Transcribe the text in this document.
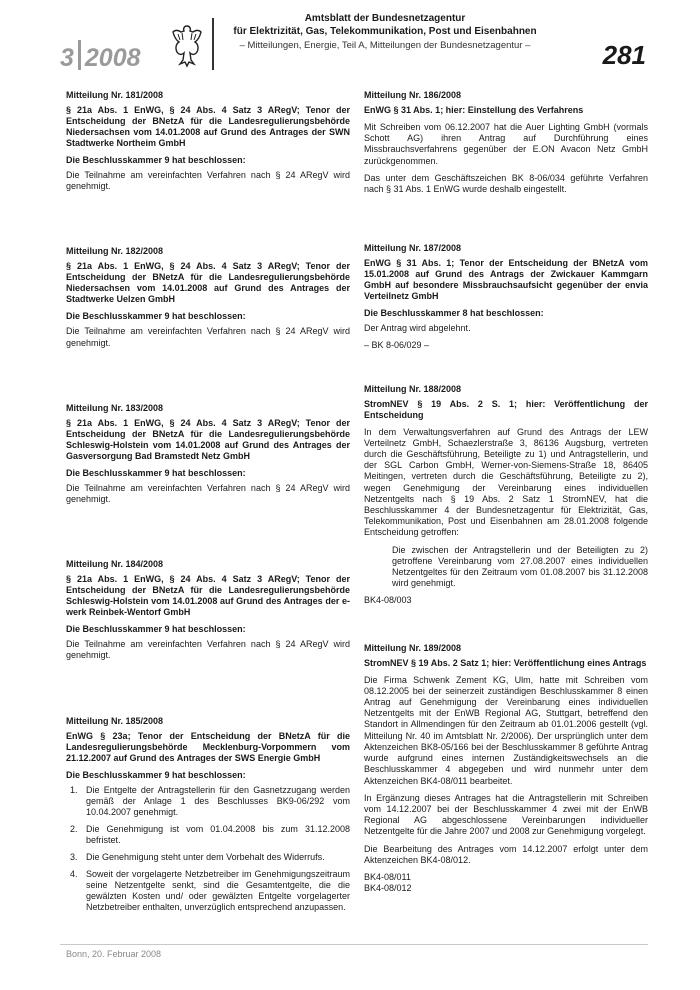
3 2008
Amtsblatt der Bundesnetzagentur
für Elektrizität, Gas, Telekommunikation, Post und Eisenbahnen
– Mitteilungen, Energie, Teil A, Mitteilungen der Bundesnetzagentur –	281

Mitteilung Nr. 181/2008

§ 21a Abs. 1 EnWG, § 24 Abs. 4 Satz 3 ARegV; Tenor der Entscheidung der BNetzA für die Landesregulierungsbehörde Niedersachsen vom 14.01.2008 auf Grund des Antrages der SWN Stadtwerke Northeim GmbH

Die Beschlusskammer 9 hat beschlossen:

Die Teilnahme am vereinfachten Verfahren nach § 24 ARegV wird genehmigt.

Mitteilung Nr. 182/2008

§ 21a Abs. 1 EnWG, § 24 Abs. 4 Satz 3 ARegV; Tenor der Entscheidung der BNetzA für die Landesregulierungsbehörde Niedersachsen vom 14.01.2008 auf Grund des Antrages der Stadtwerke Uelzen GmbH

Die Beschlusskammer 9 hat beschlossen:

Die Teilnahme am vereinfachten Verfahren nach § 24 ARegV wird genehmigt.

Mitteilung Nr. 183/2008

§ 21a Abs. 1 EnWG, § 24 Abs. 4 Satz 3 ARegV; Tenor der Entscheidung der BNetzA für die Landesregulierungsbehörde Schleswig-Holstein vom 14.01.2008 auf Grund des Antrages der Gasversorgung Bad Bramstedt Netz GmbH

Die Beschlusskammer 9 hat beschlossen:

Die Teilnahme am vereinfachten Verfahren nach § 24 ARegV wird genehmigt.

Mitteilung Nr. 184/2008

§ 21a Abs. 1 EnWG, § 24 Abs. 4 Satz 3 ARegV; Tenor der Entscheidung der BNetzA für die Landesregulierungsbehörde Schleswig-Holstein vom 14.01.2008 auf Grund des Antrages der e-werk Reinbek-Wentorf GmbH

Die Beschlusskammer 9 hat beschlossen:

Die Teilnahme am vereinfachten Verfahren nach § 24 ARegV wird genehmigt.

Mitteilung Nr. 185/2008

EnWG § 23a; Tenor der Entscheidung der BNetzA für die Landesregulierungsbehörde Mecklenburg-Vorpommern vom 21.12.2007 auf Grund des Antrages der SWS Energie GmbH

Die Beschlusskammer 9 hat beschlossen:

1. Die Entgelte der Antragstellerin für den Gasnetzzugang werden gemäß der Anlage 1 des Beschlusses BK9-06/292 vom 10.04.2007 genehmigt.
2. Die Genehmigung ist vom 01.04.2008 bis zum 31.12.2008 befristet.
3. Die Genehmigung steht unter dem Vorbehalt des Widerrufs.
4. Soweit der vorgelagerte Netzbetreiber im Genehmigungszeitraum seine Netzentgelte senkt, sind die Gesamtentgelte, die die gewälzten Kosten und/ oder gewälzten Entgelte vorgelagerter Netzbetreiber enthalten, unverzüglich entsprechend anzupassen.

Mitteilung Nr. 186/2008

EnWG § 31 Abs. 1; hier: Einstellung des Verfahrens

Mit Schreiben vom 06.12.2007 hat die Auer Lighting GmbH (vormals Schott AG) ihren Antrag auf Durchführung eines Missbrauchsverfahrens gegenüber der E.ON Avacon Netz GmbH zurückgenommen.

Das unter dem Geschäftszeichen BK 8-06/034 geführte Verfahren nach § 31 Abs. 1 EnWG wurde deshalb eingestellt.

Mitteilung Nr. 187/2008

EnWG § 31 Abs. 1; Tenor der Entscheidung der BNetzA vom 15.01.2008 auf Grund des Antrags der Zwickauer Kammgarn GmbH auf besondere Missbrauchsaufsicht gegenüber der envia Verteilnetz GmbH

Die Beschlusskammer 8 hat beschlossen:

Der Antrag wird abgelehnt.

– BK 8-06/029 –

Mitteilung Nr. 188/2008

StromNEV § 19 Abs. 2 S. 1; hier: Veröffentlichung der Entscheidung

In dem Verwaltungsverfahren auf Grund des Antrags der LEW Verteilnetz GmbH, Schaezlerstraße 3, 86136 Augsburg, vertreten durch die Geschäftsführung, Beteiligte zu 1) und Antragstellerin, und der SGL Carbon GmbH, Werner-von-Siemens-Straße 18, 86405 Meitingen, vertreten durch die Geschäftsführung, Beteiligte zu 2), wegen Genehmigung der Vereinbarung eines individuellen Netzentgelts nach § 19 Abs. 2 Satz 1 StromNEV, hat die Beschlusskammer 4 der Bundesnetzagentur für Elektrizität, Gas, Telekommunikation, Post und Eisenbahnen am 28.01.2008 folgende Entscheidung getroffen:

Die zwischen der Antragstellerin und der Beteiligten zu 2) getroffene Vereinbarung vom 27.08.2007 eines individuellen Netzentgeltes für den Zeitraum vom 01.08.2007 bis 31.12.2008 wird genehmigt.

BK4-08/003

Mitteilung Nr. 189/2008

StromNEV § 19 Abs. 2 Satz 1; hier: Veröffentlichung eines Antrags

Die Firma Schwenk Zement KG, Ulm, hatte mit Schreiben vom 08.12.2005 bei der seinerzeit zuständigen Beschlusskammer 8 einen Antrag auf Genehmigung der Vereinbarung eines individuellen Netzentgelts mit der EnWB Regional AG, Stuttgart, betreffend den Standort in Allmendingen für den Zeitraum ab 01.01.2006 gestellt (vgl. Mitteilung Nr. 40 im Amtsblatt Nr. 2/2006). Der ursprünglich unter dem Aktenzeichen BK8-05/166 bei der Beschlusskammer 8 geführte Antrag wurde aufgrund eines internen Zuständigkeitswechsels an die Beschlusskammer 4 abgegeben und wird nunmehr unter dem Aktenzeichen BK4-08/011 bearbeitet.

In Ergänzung dieses Antrages hat die Antragstellerin mit Schreiben vom 14.12.2007 bei der Beschlusskammer 4 zwei mit der EnWB Regional AG abgeschlossene Vereinbarungen individueller Netzentgelte für die Jahre 2007 und 2008 zur Genehmigung vorgelegt.

Die Bearbeitung des Antrages vom 14.12.2007 erfolgt unter dem Aktenzeichen BK4-08/012.

BK4-08/011

BK4-08/012

Bonn, 20. Februar 2008
